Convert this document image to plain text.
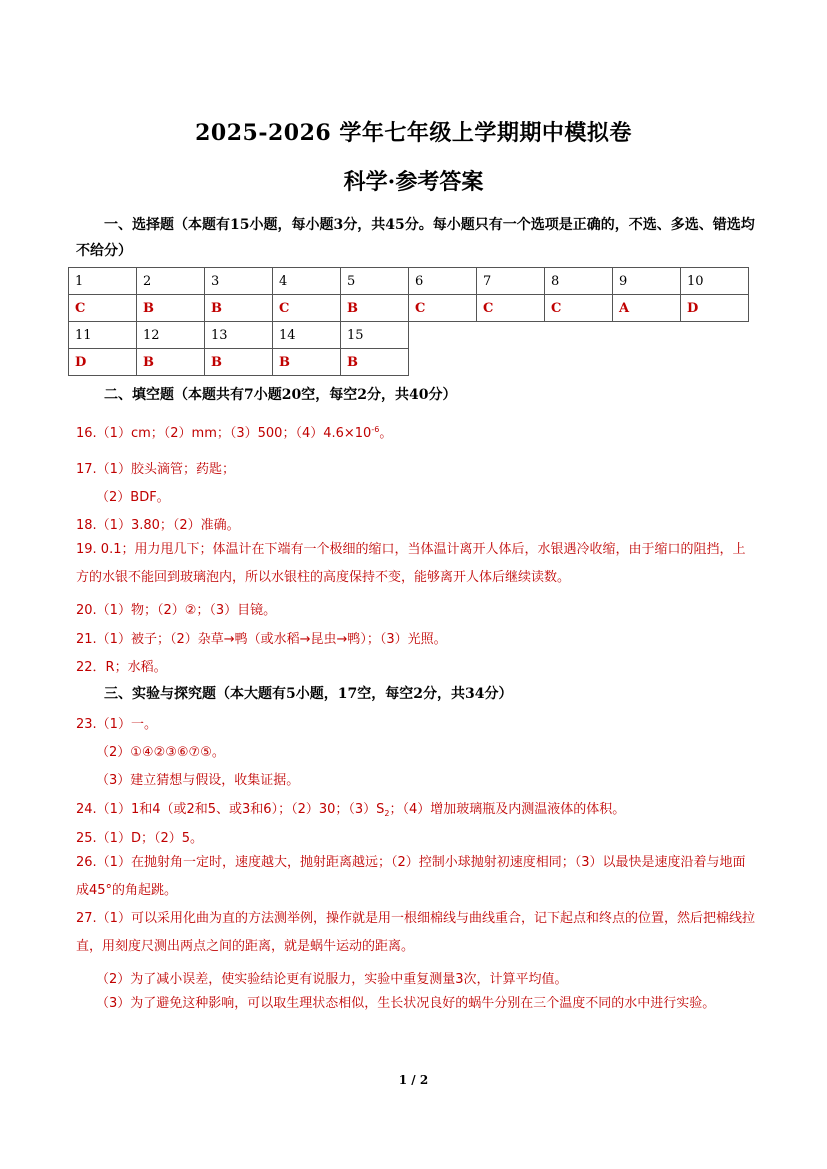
2025-2026 学年七年级上学期期中模拟卷
科学·参考答案
一、选择题（本题有15小题，每小题3分，共45分。每小题只有一个选项是正确的，不选、多选、错选均不给分）
1	2	3	4	5	6	7	8	9	10
C	B	B	C	B	C	C	C	A	D
11	12	13	14	15					
D	B	B	B	B					
二、填空题（本题共有7小题20空，每空2分，共40分）
16.（1）cm；（2）mm；（3）500；$(4)4.6\times 10^{-6}$。
17.（1）胶头滴管；药匙；
（2）BDF。
18.（1）3.80；（2）准确。
19. 0.1；用力甩几下；体温计在下端有一个极细的缩口，当体温计离开人体后，水银遇冷收缩，由于缩口的阻挡，上方的水银不能回到玻璃泡内，所以水银柱的高度保持不变，能够离开人体后继续读数。
20.（1）物；（2）②；（3）目镜。
21.（1）被子；（2）杂草→鸭（或水稻→昆虫→鸭）；（3）光照。
22．R；水稻。
三、实验与探究题（本大题有5小题，17空，每空2分，共34分）
23.（1）一。
（2）①④②③⑥⑦⑤。
（3）建立猜想与假设，收集证据。
24.（1）1和4（或2和5、或3和6）；（2）30；$(3)S_2$；（4）增加玻璃瓶及内测温液体的体积。
25.（1）D；（2）5。
26.（1）在抛射角一定时，速度越大，抛射距离越远；（2）控制小球抛射初速度相同；（3）以最快是速度沿着与地面成45°的角起跳。
27.（1）可以采用化曲为直的方法测举例，操作就是用一根细棉线与曲线重合，记下起点和终点的位置，然后把棉线拉直，用刻度尺测出两点之间的距离，就是蜗牛运动的距离。
（2）为了减小误差，使实验结论更有说服力，实验中重复测量3次，计算平均值。
（3）为了避免这种影响，可以取生理状态相似，生长状况良好的蜗牛分别在三个温度不同的水中进行实验。
1 / 2
